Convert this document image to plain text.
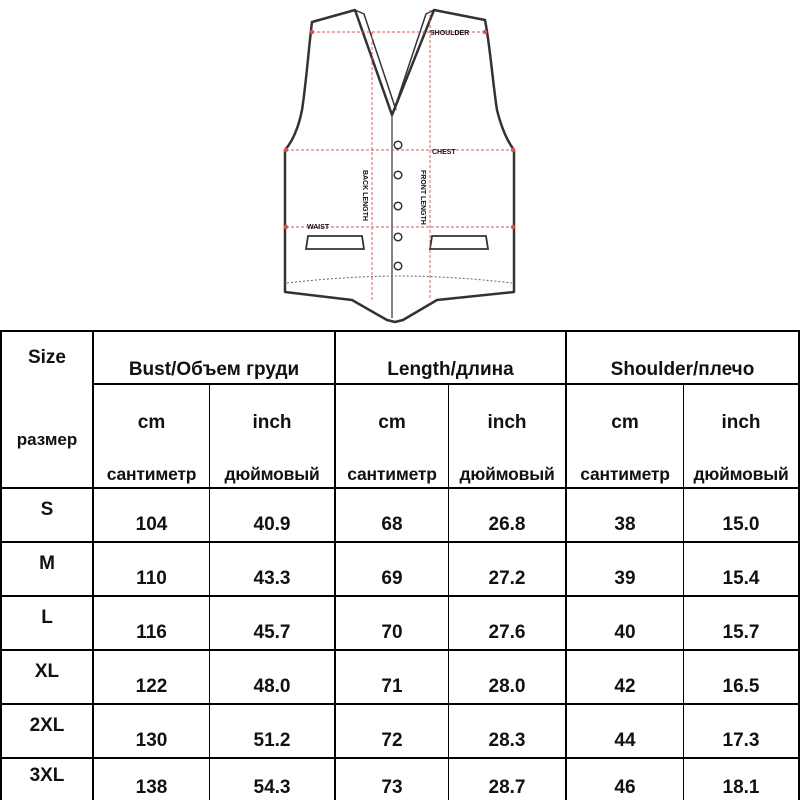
SHOULDER
CHEST
WAIST
BACK LENGTH	FRONT LENGTH
Size
размер
Bust/Объем груди	Length/длина	Shoulder/плечо
cm	inch	cm	inch	cm	inch
сантиметр	дюймовый	сантиметр	дюймовый	сантиметр	дюймовый
S
104	40.9	68	26.8	38	15.0
M
110	43.3	69	27.2	39	15.4
L
116	45.7	70	27.6	40	15.7
XL
122	48.0	71	28.0	42	16.5
2XL
130	51.2	72	28.3	44	17.3
3XL
138	54.3	73	28.7	46	18.1
